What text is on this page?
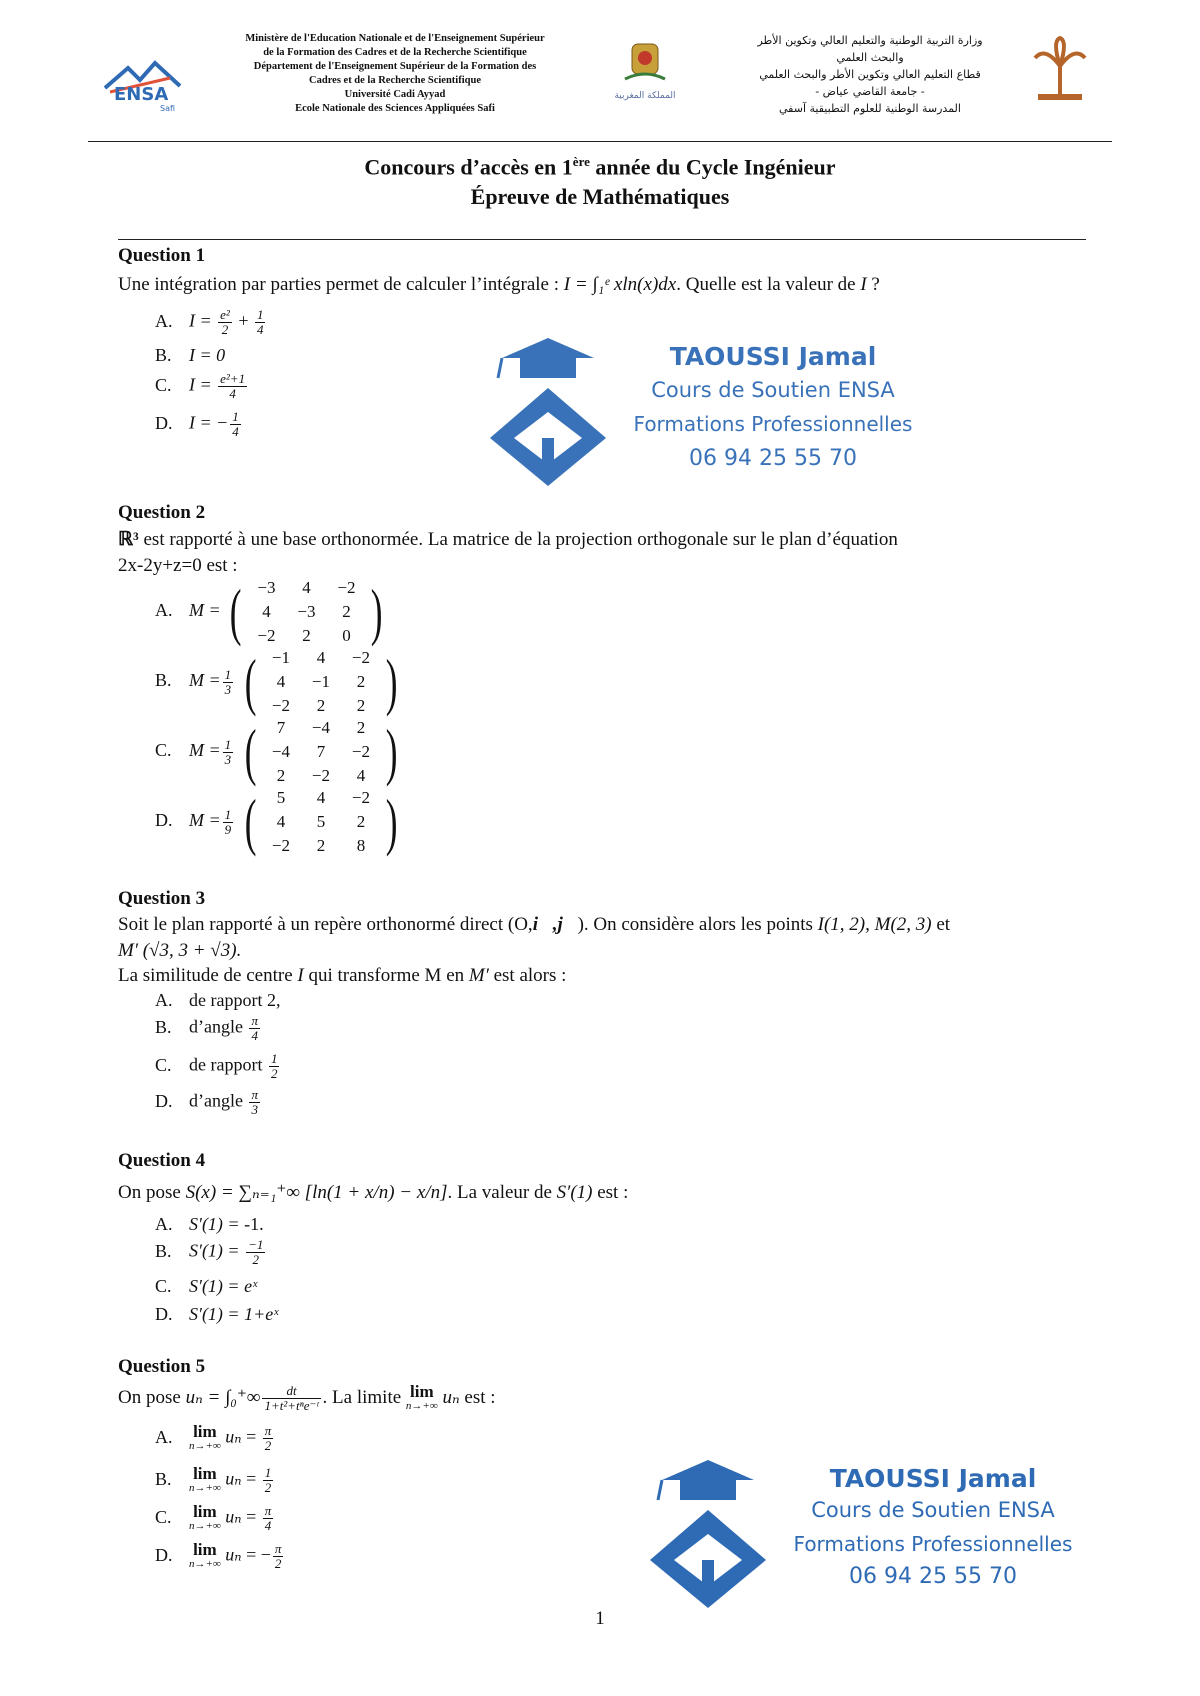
ENSA
Safi
Ministère de l'Education Nationale et de l'Enseignement Supérieur
de la Formation des Cadres et de la Recherche Scientifique
Département de l'Enseignement Supérieur de la Formation des
Cadres et de la Recherche Scientifique
Université Cadi Ayyad
Ecole Nationale des Sciences Appliquées Safi
المملكة المغربية
وزارة التربية الوطنية والتعليم العالي وتكوين الأطر والبحث العلمي
قطاع التعليم العالي وتكوين الأطر والبحث العلمي
- جامعة القاضي عياض -
المدرسة الوطنية للعلوم التطبيقية آسفي
Concours d’accès en 1ère année du Cycle Ingénieur
Épreuve de Mathématiques
TAOUSSI Jamal
Cours de Soutien ENSA
Formations Professionnelles
06 94 25 55 70
Question 1
Une intégration par parties permet de calculer l’intégrale : I = ∫₁ᵉ xln(x)dx. Quelle est la valeur de I ?
A. $I = \frac{\text{e²}}{2} + \frac{1}{4}$
B. I = 0
C. $I = \frac{\text{e²+1}}{4}$
D. I = − $\frac{1}{4}$
Question 2
ℝ³ est rapporté à une base orthonormée. La matrice de la projection orthogonale sur le plan d’équation
2x-2y+z=0 est :
A. M = ( −3	4	−2
4	−3	2
−2	2	0 )
B. $M = \frac{1}{3}$
( −1	4	−2
4	−1	2
−2	2	2 )
C. $M = \frac{1}{3}$
(	7	−4	2
−4	7	−2
2	−2	4 )
D. $M = \frac{1}{9}$
(	5	4	−2
4	5	2
−2	2	8 )
Question 3
Soit le plan rapporté à un repère orthonormé direct (O,i⃗,j⃗). On considère alors les points I(1, 2), M(2, 3) et
M′ (√3, 3 + √3).
La similitude de centre I qui transforme M en M′ est alors :
A. de rapport 2,
B. d’angle $\frac{\pi}{4}$
C. de rapport $\frac{1}{2}$
D. d’angle $\frac{\pi}{3}$
Question 4
On pose S(x) = ∑ₙ₌₁⁺∞ [ln(1 + x/n) − x/n]. La valeur de S′(1) est :
A. S′(1) = -1.
B. $S'(1) = \frac{-1}{2}$
C. S′(1) = eˣ
D. S′(1) = 1+eˣ
Question 5
On pose $u_n = \int_0^+\infty \frac{dt}{\text{1+t²+tⁿe⁻ᵗ}}$ . La limite lim
n→+∞ uₙ est :
A. lim
n→+∞ $u_n = \frac{\pi}{2}$
B. lim
n→+∞ $u_n = \frac{1}{2}$
C. lim
n→+∞ $u_n = \frac{\pi}{4}$
D. lim
n→+∞ uₙ = − $\frac{\pi}{2}$
TAOUSSI Jamal
Cours de Soutien ENSA
Formations Professionnelles
06 94 25 55 70
1
